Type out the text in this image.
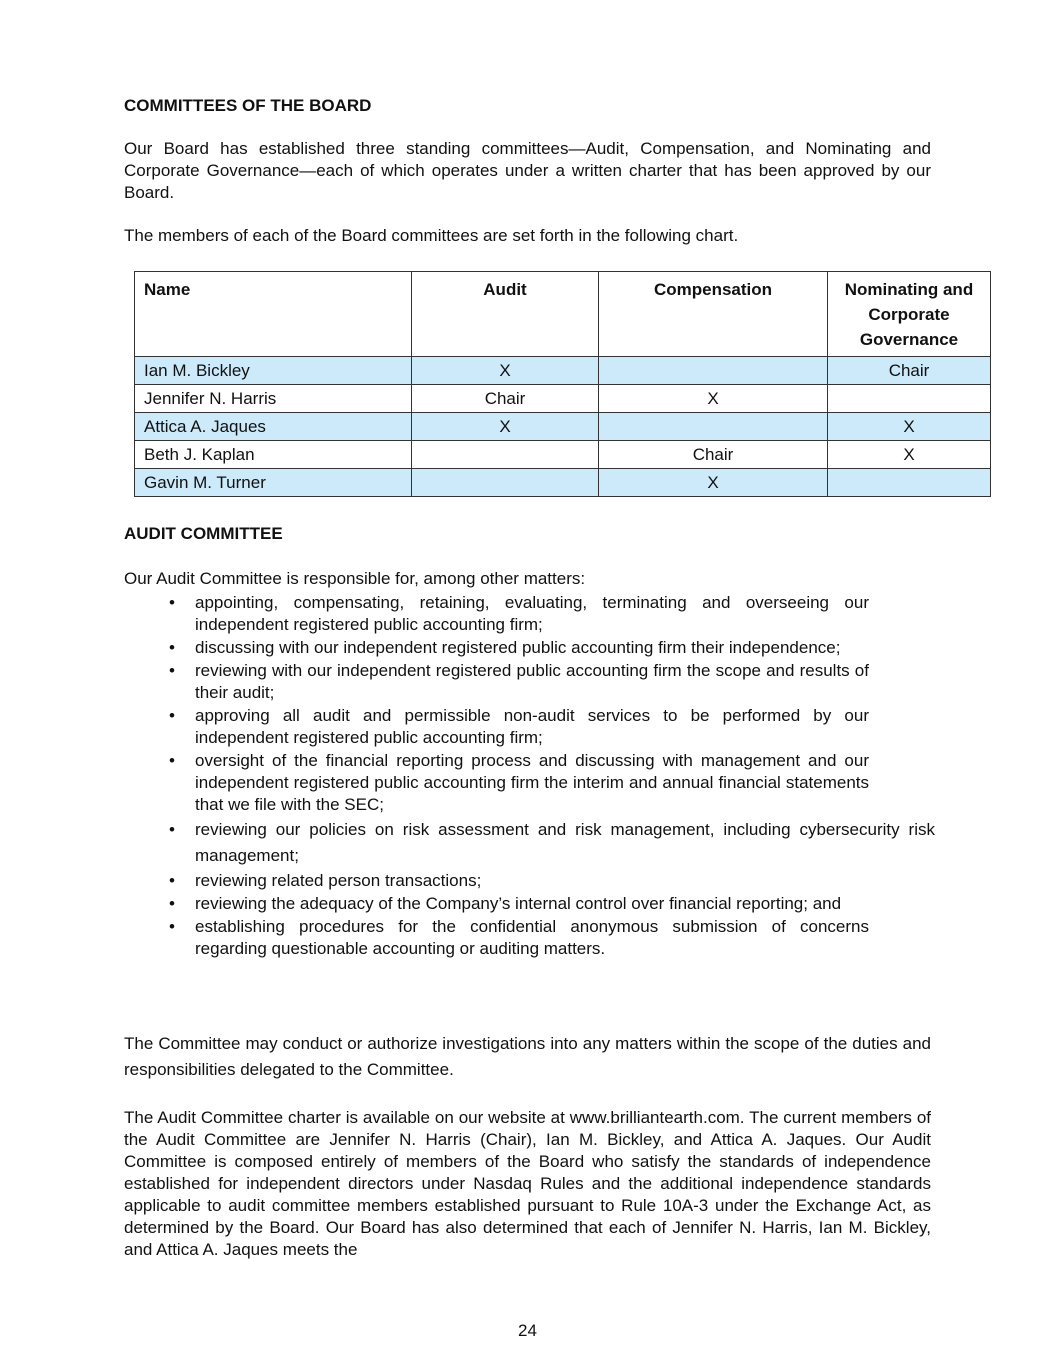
COMMITTEES OF THE BOARD

Our Board has established three standing committees—Audit, Compensation, and Nominating and Corporate Governance—each of which operates under a written charter that has been approved by our Board.

The members of each of the Board committees are set forth in the following chart.

Name	Audit	Compensation	Nominating and Corporate Governance
Ian M. Bickley	X		Chair
Jennifer N. Harris	Chair	X	
Attica A. Jaques	X		X
Beth J. Kaplan		Chair	X
Gavin M. Turner		X	

AUDIT COMMITTEE

Our Audit Committee is responsible for, among other matters:

• appointing, compensating, retaining, evaluating, terminating and overseeing our independent registered public accounting firm;
• discussing with our independent registered public accounting firm their independence;
• reviewing with our independent registered public accounting firm the scope and results of their audit;
• approving all audit and permissible non-audit services to be performed by our independent registered public accounting firm;
• oversight of the financial reporting process and discussing with management and our independent registered public accounting firm the interim and annual financial statements that we file with the SEC;
• reviewing our policies on risk assessment and risk management, including cybersecurity risk management;
• reviewing related person transactions;
• reviewing the adequacy of the Company’s internal control over financial reporting; and
• establishing procedures for the confidential anonymous submission of concerns regarding questionable accounting or auditing matters.

The Committee may conduct or authorize investigations into any matters within the scope of the duties and responsibilities delegated to the Committee.

The Audit Committee charter is available on our website at www.brilliantearth.com. The current members of the Audit Committee are Jennifer N. Harris (Chair), Ian M. Bickley, and Attica A. Jaques. Our Audit Committee is composed entirely of members of the Board who satisfy the standards of independence established for independent directors under Nasdaq Rules and the additional independence standards applicable to audit committee members established pursuant to Rule 10A-3 under the Exchange Act, as determined by the Board. Our Board has also determined that each of Jennifer N. Harris, Ian M. Bickley, and Attica A. Jaques meets the

24
